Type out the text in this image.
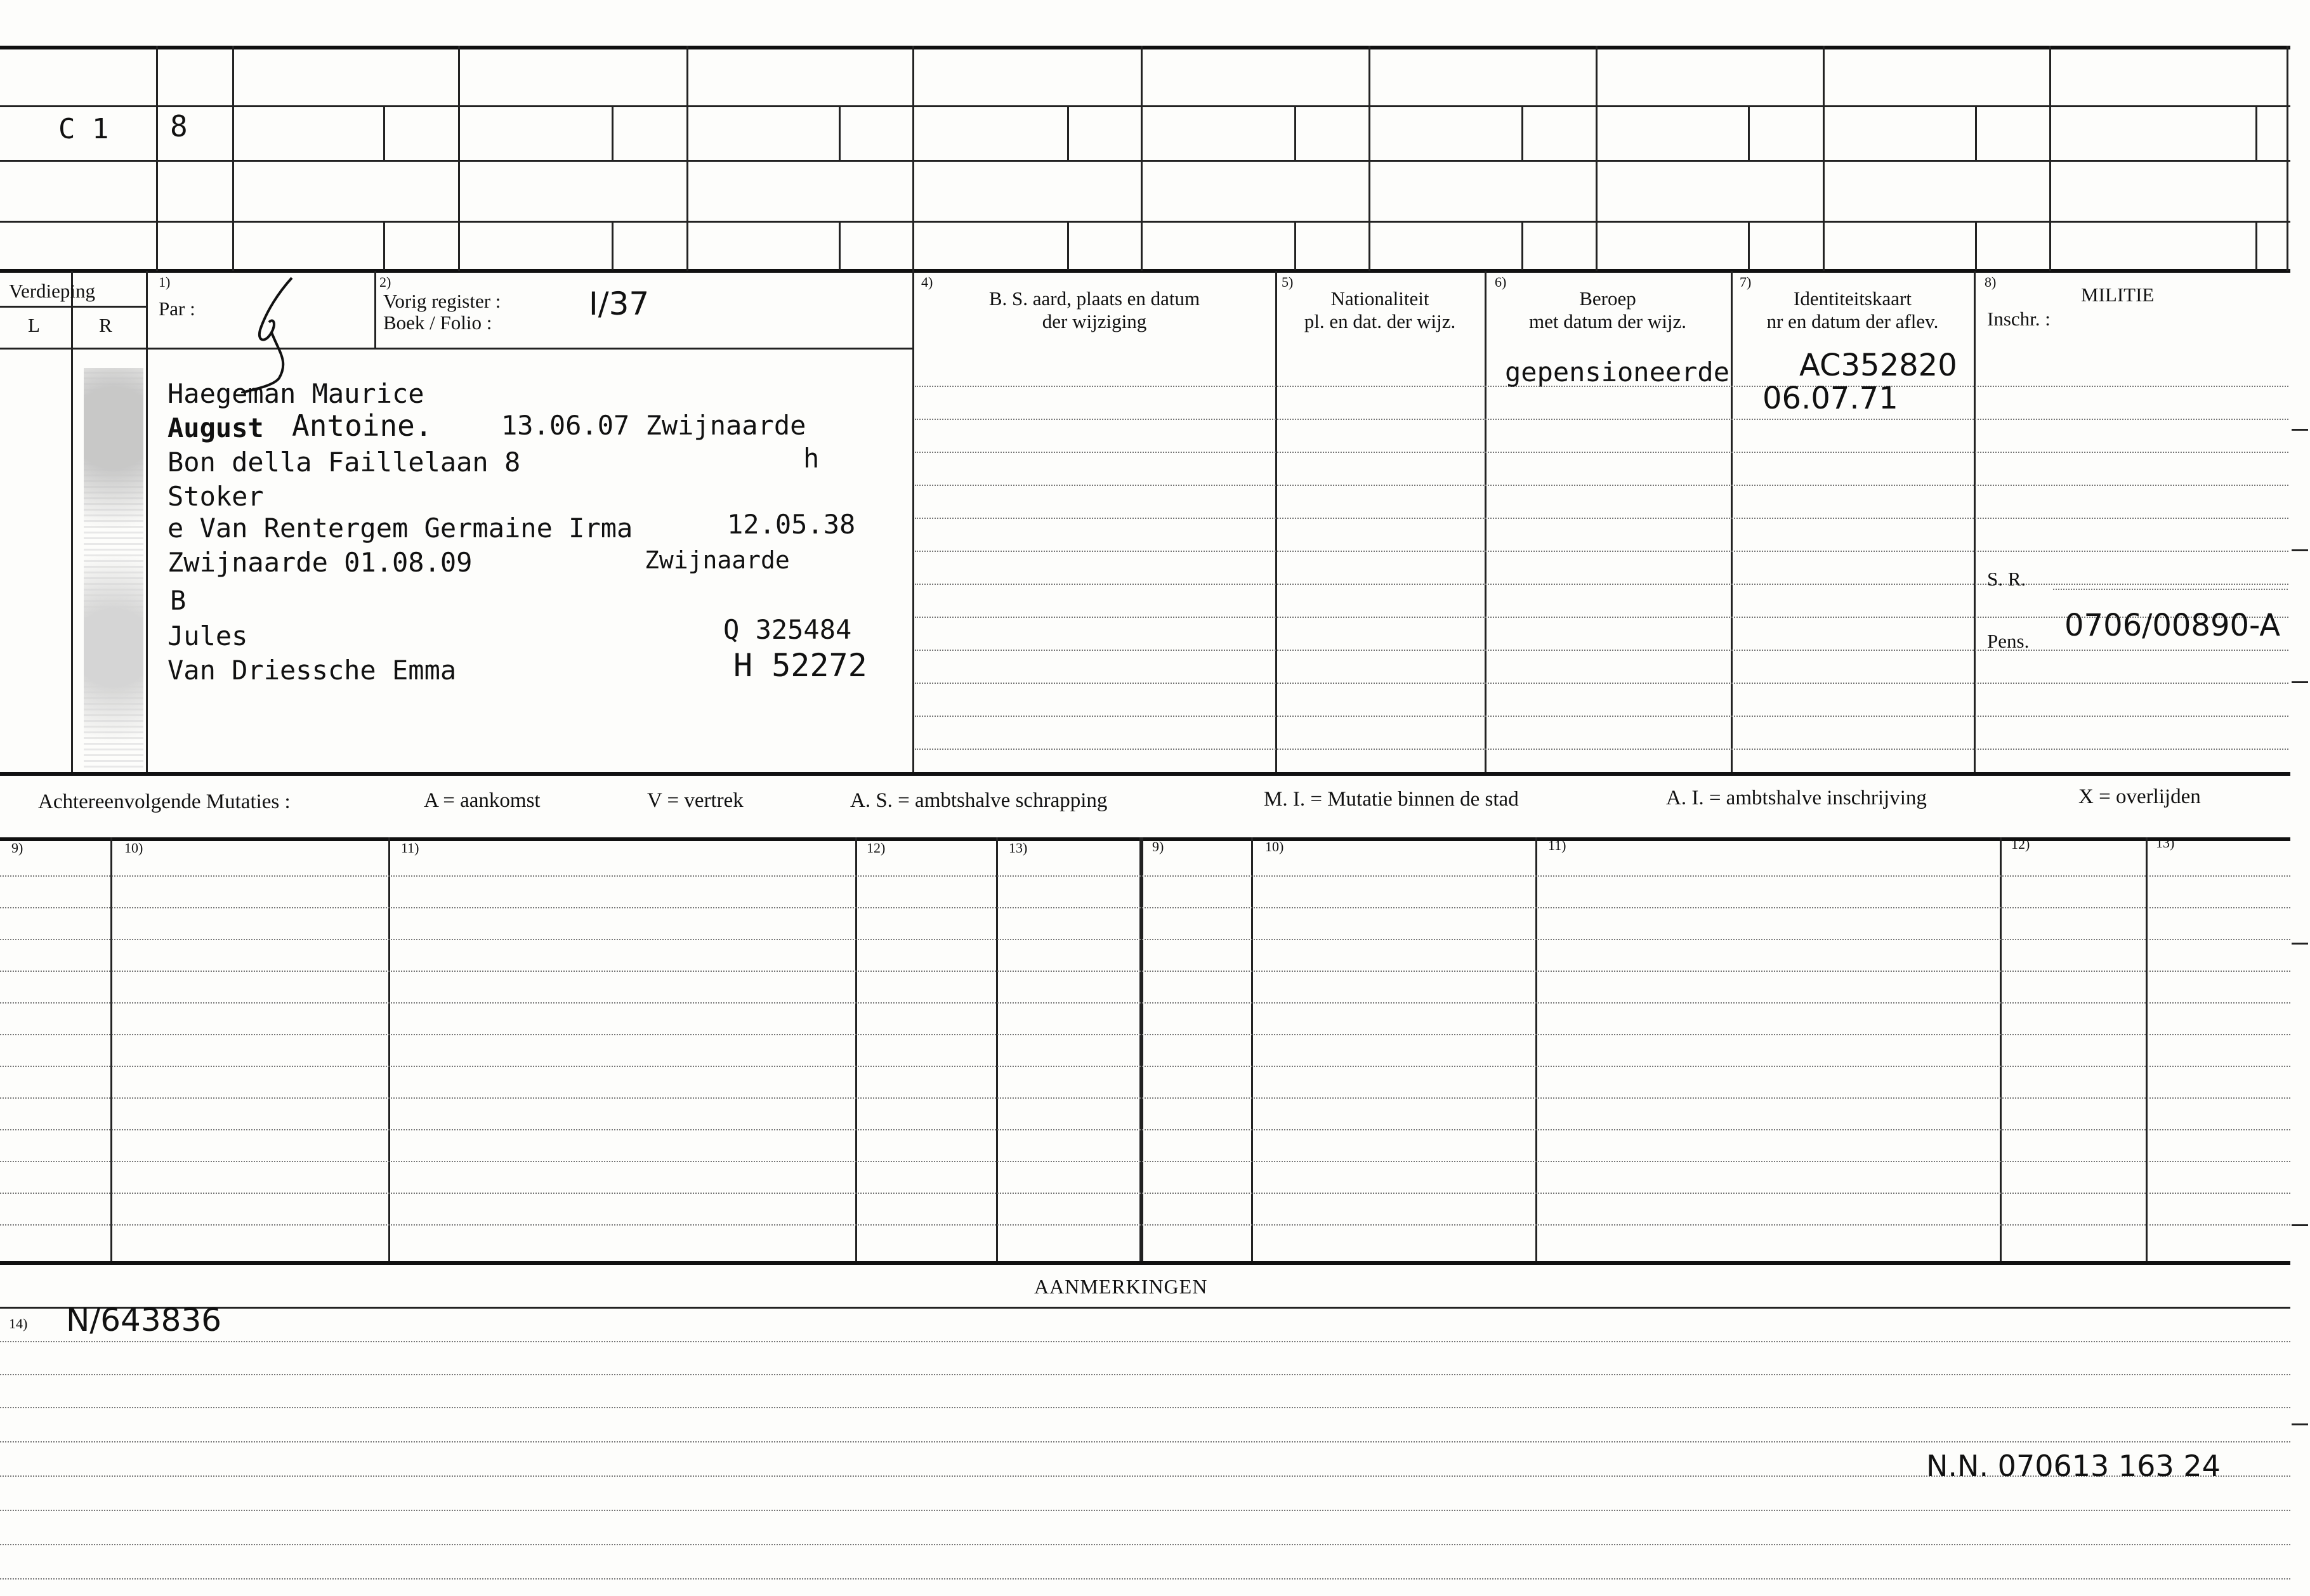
C 1 8
Verdieping
L	R
1)
Par :
2)
Vorig register :
Boek / Folio :
I/37
4)
B. S. aard, plaats en datum
der wijziging
5)
Nationaliteit
pl. en dat. der wijz.
6)
Beroep
met datum der wijz.
7)
Identiteitskaart
nr en datum der aflev.
8)
MILITIE
Inschr. :
S. R.
Pens. 0706/00890-A
Haegeman Maurice
August Antoine.	13.06.07 Zwijnaarde
Bon della Faillelaan 8	h
Stoker
e Van Rentergem Germaine Irma	12.05.38
Zwijnaarde 01.08.09	Zwijnaarde
B
Jules	Q 325484
Van Driessche Emma	H 52272
gepensioneerde AC352820
06.07.71
Achtereenvolgende Mutaties :	A = aankomst	V = vertrek	A. S. = ambtshalve schrapping	M. I. = Mutatie binnen de stad	A. I. = ambtshalve inschrijving	X = overlijden
9)	10)	11)	12)	13)	9)	10)	11)	12)	13)
AANMERKINGEN
14) N/643836
N.N. 070613 163 24
